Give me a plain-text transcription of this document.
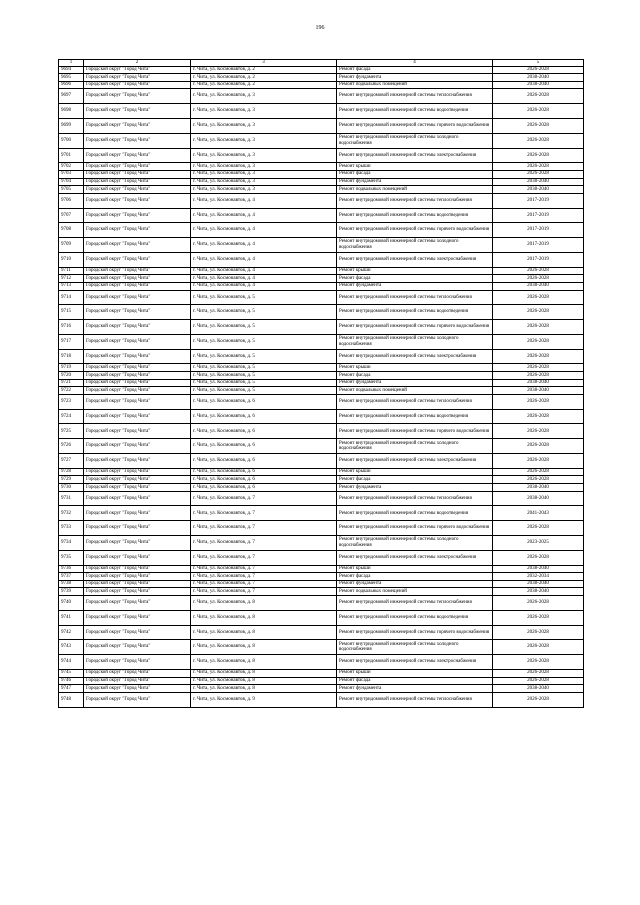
196
1	2	3	4	5
9694	Городской округ "Город Чита"	г. Чита, ул. Космонавтов, д. 2	Ремонт фасада	2026-2028
9695	Городской округ "Город Чита"	г. Чита, ул. Космонавтов, д. 2	Ремонт фундамента	2038-2040
9696	Городской округ "Город Чита"	г. Чита, ул. Космонавтов, д. 2	Ремонт подвальных помещений	2038-2040
9697	Городской округ "Город Чита"	г. Чита, ул. Космонавтов, д. 3	Ремонт внутридомовой инженерной системы теплоснабжения	2026-2028
9698	Городской округ "Город Чита"	г. Чита, ул. Космонавтов, д. 3	Ремонт внутридомовой инженерной системы водоотведения	2026-2028
9699	Городской округ "Город Чита"	г. Чита, ул. Космонавтов, д. 3	Ремонт внутридомовой инженерной системы горячего водоснабжения	2026-2028
9700	Городской округ "Город Чита"	г. Чита, ул. Космонавтов, д. 3	Ремонт внутридомовой инженерной системы холодного водоснабжения	2026-2028
9701	Городской округ "Город Чита"	г. Чита, ул. Космонавтов, д. 3	Ремонт внутридомовой инженерной системы электроснабжения	2026-2028
9702	Городской округ "Город Чита"	г. Чита, ул. Космонавтов, д. 3	Ремонт крыши	2026-2028
9703	Городской округ "Город Чита"	г. Чита, ул. Космонавтов, д. 3	Ремонт фасада	2026-2028
9704	Городской округ "Город Чита"	г. Чита, ул. Космонавтов, д. 3	Ремонт фундамента	2038-2040
9705	Городской округ "Город Чита"	г. Чита, ул. Космонавтов, д. 3	Ремонт подвальных помещений	2038-2040
9706	Городской округ "Город Чита"	г. Чита, ул. Космонавтов, д. 4	Ремонт внутридомовой инженерной системы теплоснабжения	2017-2019
9707	Городской округ "Город Чита"	г. Чита, ул. Космонавтов, д. 4	Ремонт внутридомовой инженерной системы водоотведения	2017-2019
9708	Городской округ "Город Чита"	г. Чита, ул. Космонавтов, д. 4	Ремонт внутридомовой инженерной системы горячего водоснабжения	2017-2019
9709	Городской округ "Город Чита"	г. Чита, ул. Космонавтов, д. 4	Ремонт внутридомовой инженерной системы холодного водоснабжения	2017-2019
9710	Городской округ "Город Чита"	г. Чита, ул. Космонавтов, д. 4	Ремонт внутридомовой инженерной системы электроснабжения	2017-2019
9711	Городской округ "Город Чита"	г. Чита, ул. Космонавтов, д. 4	Ремонт крыши	2026-2028
9712	Городской округ "Город Чита"	г. Чита, ул. Космонавтов, д. 4	Ремонт фасада	2026-2028
9713	Городской округ "Город Чита"	г. Чита, ул. Космонавтов, д. 4	Ремонт фундамента	2038-2040
9714	Городской округ "Город Чита"	г. Чита, ул. Космонавтов, д. 5	Ремонт внутридомовой инженерной системы теплоснабжения	2026-2028
9715	Городской округ "Город Чита"	г. Чита, ул. Космонавтов, д. 5	Ремонт внутридомовой инженерной системы водоотведения	2026-2028
9716	Городской округ "Город Чита"	г. Чита, ул. Космонавтов, д. 5	Ремонт внутридомовой инженерной системы горячего водоснабжения	2026-2028
9717	Городской округ "Город Чита"	г. Чита, ул. Космонавтов, д. 5	Ремонт внутридомовой инженерной системы холодного водоснабжения	2026-2028
9718	Городской округ "Город Чита"	г. Чита, ул. Космонавтов, д. 5	Ремонт внутридомовой инженерной системы электроснабжения	2026-2028
9719	Городской округ "Город Чита"	г. Чита, ул. Космонавтов, д. 5	Ремонт крыши	2026-2028
9720	Городской округ "Город Чита"	г. Чита, ул. Космонавтов, д. 5	Ремонт фасада	2026-2028
9721	Городской округ "Город Чита"	г. Чита, ул. Космонавтов, д. 5	Ремонт фундамента	2038-2040
9722	Городской округ "Город Чита"	г. Чита, ул. Космонавтов, д. 5	Ремонт подвальных помещений	2038-2040
9723	Городской округ "Город Чита"	г. Чита, ул. Космонавтов, д. 6	Ремонт внутридомовой инженерной системы теплоснабжения	2026-2028
9724	Городской округ "Город Чита"	г. Чита, ул. Космонавтов, д. 6	Ремонт внутридомовой инженерной системы водоотведения	2026-2028
9725	Городской округ "Город Чита"	г. Чита, ул. Космонавтов, д. 6	Ремонт внутридомовой инженерной системы горячего водоснабжения	2026-2028
9726	Городской округ "Город Чита"	г. Чита, ул. Космонавтов, д. 6	Ремонт внутридомовой инженерной системы холодного водоснабжения	2026-2028
9727	Городской округ "Город Чита"	г. Чита, ул. Космонавтов, д. 6	Ремонт внутридомовой инженерной системы электроснабжения	2026-2028
9728	Городской округ "Город Чита"	г. Чита, ул. Космонавтов, д. 6	Ремонт крыши	2026-2028
9729	Городской округ "Город Чита"	г. Чита, ул. Космонавтов, д. 6	Ремонт фасада	2026-2028
9730	Городской округ "Город Чита"	г. Чита, ул. Космонавтов, д. 6	Ремонт фундамента	2038-2040
9731	Городской округ "Город Чита"	г. Чита, ул. Космонавтов, д. 7	Ремонт внутридомовой инженерной системы теплоснабжения	2038-2040
9732	Городской округ "Город Чита"	г. Чита, ул. Космонавтов, д. 7	Ремонт внутридомовой инженерной системы водоотведения	2041-2043
9733	Городской округ "Город Чита"	г. Чита, ул. Космонавтов, д. 7	Ремонт внутридомовой инженерной системы горячего водоснабжения	2026-2028
9734	Городской округ "Город Чита"	г. Чита, ул. Космонавтов, д. 7	Ремонт внутридомовой инженерной системы холодного водоснабжения	2023-2025
9735	Городской округ "Город Чита"	г. Чита, ул. Космонавтов, д. 7	Ремонт внутридомовой инженерной системы электроснабжения	2026-2028
9736	Городской округ "Город Чита"	г. Чита, ул. Космонавтов, д. 7	Ремонт крыши	2038-2040
9737	Городской округ "Город Чита"	г. Чита, ул. Космонавтов, д. 7	Ремонт фасада	2032-2034
9738	Городской округ "Город Чита"	г. Чита, ул. Космонавтов, д. 7	Ремонт фундамента	2038-2040
9739	Городской округ "Город Чита"	г. Чита, ул. Космонавтов, д. 7	Ремонт подвальных помещений	2038-2040
9740	Городской округ "Город Чита"	г. Чита, ул. Космонавтов, д. 8	Ремонт внутридомовой инженерной системы теплоснабжения	2026-2028
9741	Городской округ "Город Чита"	г. Чита, ул. Космонавтов, д. 8	Ремонт внутридомовой инженерной системы водоотведения	2026-2028
9742	Городской округ "Город Чита"	г. Чита, ул. Космонавтов, д. 8	Ремонт внутридомовой инженерной системы горячего водоснабжения	2026-2028
9743	Городской округ "Город Чита"	г. Чита, ул. Космонавтов, д. 8	Ремонт внутридомовой инженерной системы холодного водоснабжения	2026-2028
9744	Городской округ "Город Чита"	г. Чита, ул. Космонавтов, д. 8	Ремонт внутридомовой инженерной системы электроснабжения	2026-2028
9745	Городской округ "Город Чита"	г. Чита, ул. Космонавтов, д. 8	Ремонт крыши	2026-2028
9746	Городской округ "Город Чита"	г. Чита, ул. Космонавтов, д. 8	Ремонт фасада	2026-2028
9747	Городской округ "Город Чита"	г. Чита, ул. Космонавтов, д. 8	Ремонт фундамента	2038-2040
9748	Городской округ "Город Чита"	г. Чита, ул. Космонавтов, д. 9	Ремонт внутридомовой инженерной системы теплоснабжения	2026-2028
